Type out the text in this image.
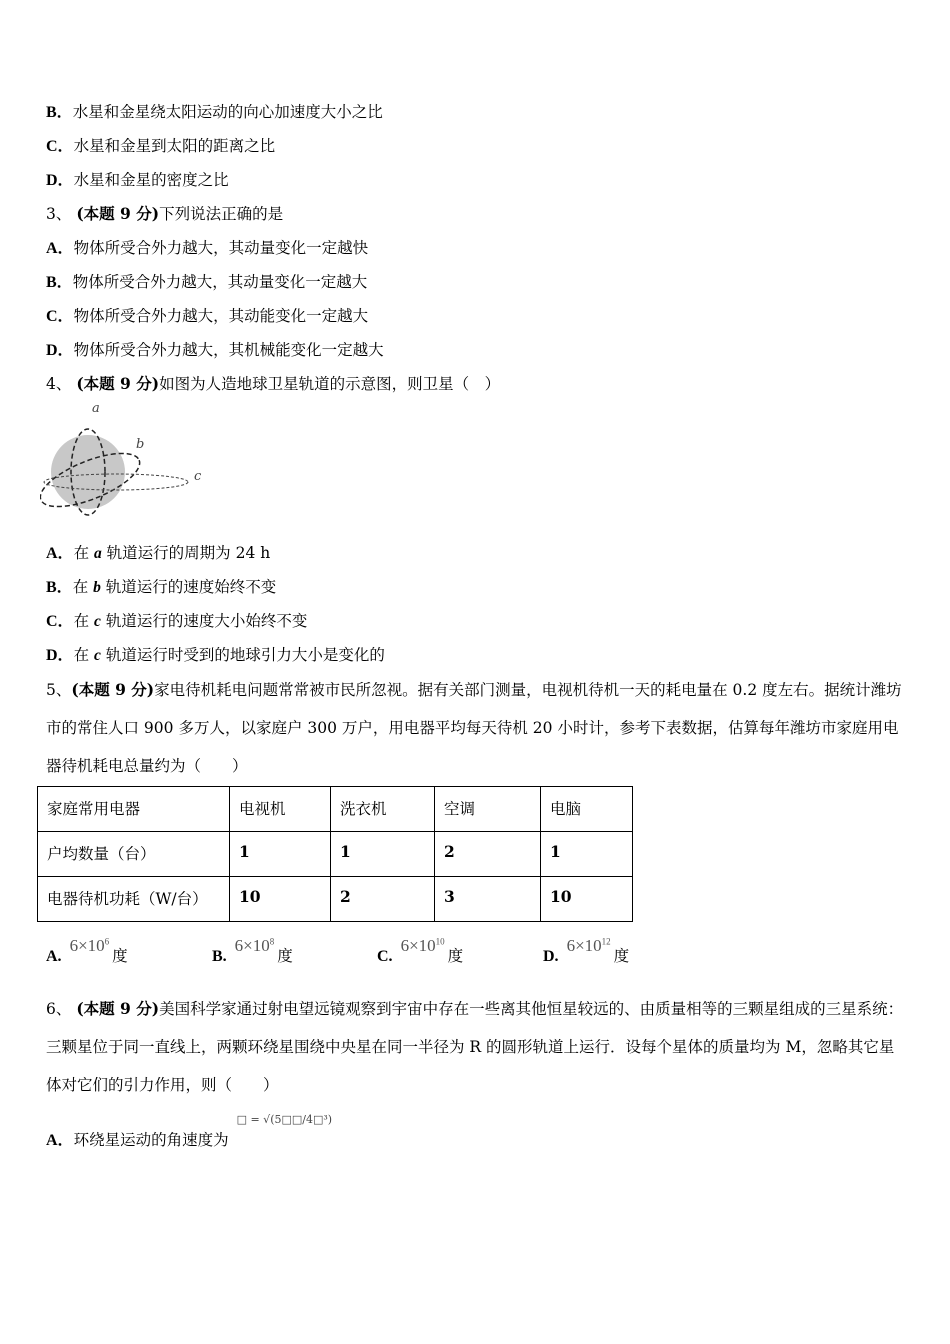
B．水星和金星绕太阳运动的向心加速度大小之比
C．水星和金星到太阳的距离之比
D．水星和金星的密度之比
3、 (本题 9 分)下列说法正确的是
A．物体所受合外力越大，其动量变化一定越快
B．物体所受合外力越大，其动量变化一定越大
C．物体所受合外力越大，其动能变化一定越大
D．物体所受合外力越大，其机械能变化一定越大
4、 (本题 9 分)如图为人造地球卫星轨道的示意图，则卫星（　）
a
b
c
A．在 a 轨道运行的周期为 24 h
B．在 b 轨道运行的速度始终不变
C．在 c 轨道运行的速度大小始终不变
D．在 c 轨道运行时受到的地球引力大小是变化的
5、(本题 9 分)家电待机耗电问题常常被市民所忽视。据有关部门测量，电视机待机一天的耗电量在 0.2 度左右。据统计潍坊市的常住人口 900 多万人，以家庭户 300 万户，用电器平均每天待机 20 小时计，参考下表数据，估算每年潍坊市家庭用电器待机耗电总量约为（　　）
家庭常用电器	电视机	洗衣机	空调	电脑
户均数量（台）	1	1	2	1
电器待机功耗（W/台）	10	2	3	10
$A.6\times 10^6$度	$B.6\times 10^8$度	$C.6\times 10^{10}$度	$D.6\times 10^{12}$度
6、 (本题 9 分)美国科学家通过射电望远镜观察到宇宙中存在一些离其他恒星较远的、由质量相等的三颗星组成的三星系统：三颗星位于同一直线上，两颗环绕星围绕中央星在同一半径为 R 的圆形轨道上运行．设每个星体的质量均为 M，忽略其它星体对它们的引力作用，则（　　）
A．环绕星运动的角速度为$^{□ = √(5□□/4□^3)}$
